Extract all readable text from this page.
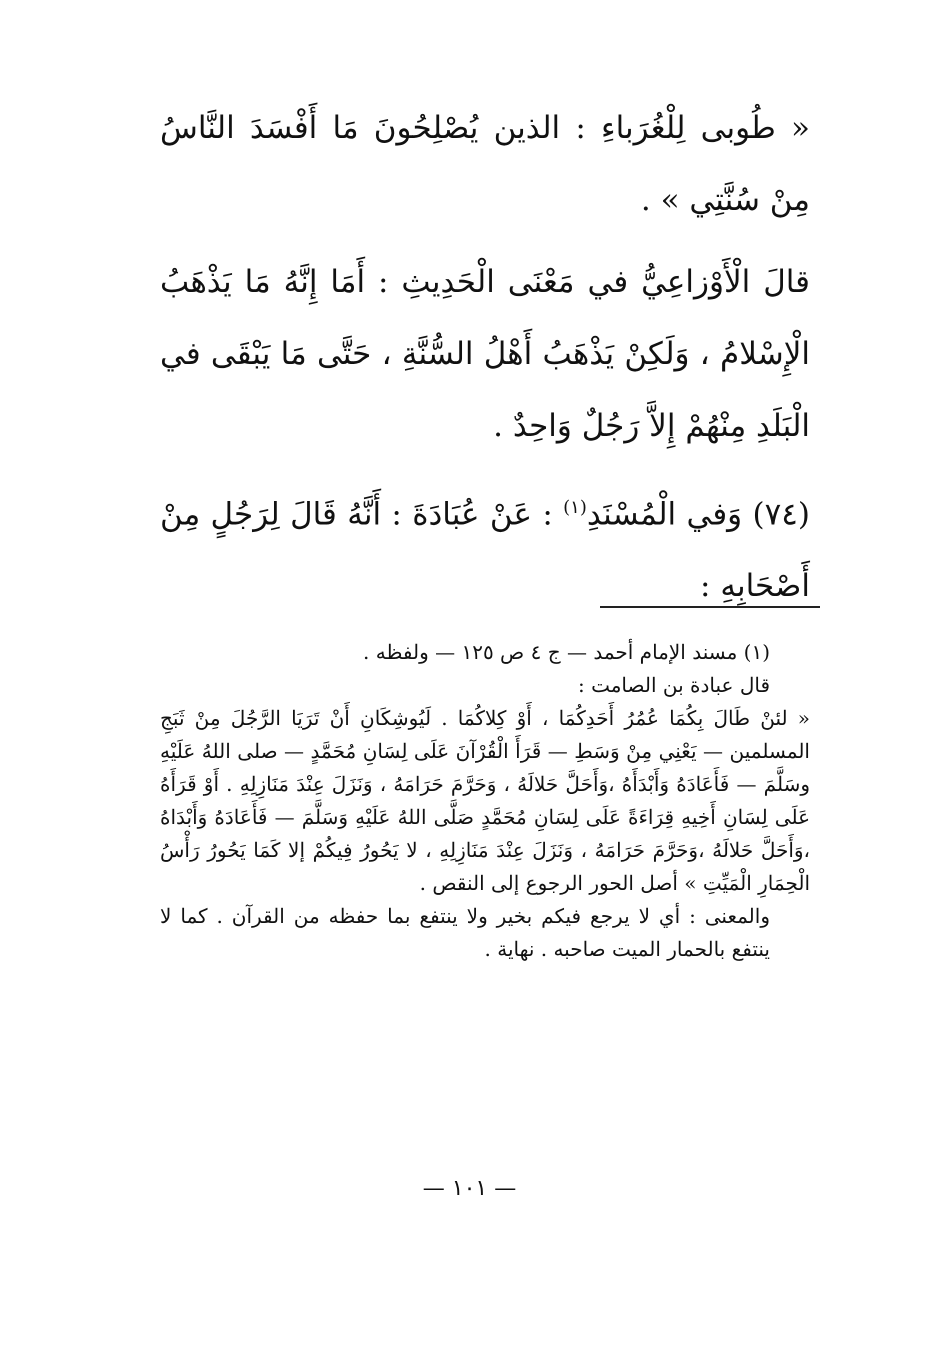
« طُوبى لِلْغُرَباءِ : الذين يُصْلِحُونَ مَا أَفْسَدَ النَّاسُ مِنْ سُنَّتِي » .

قالَ الْأَوْزاعِيُّ في مَعْنَى الْحَدِيثِ : أَمَا إِنَّهُ مَا يَذْهَبُ الْإِسْلامُ ، وَلَكِنْ يَذْهَبُ أَهْلُ السُّنَّةِ ، حَتَّى مَا يَبْقَى في الْبَلَدِ مِنْهُمْ إِلاَّ رَجُلٌ وَاحِدٌ .

(٧٤) وَفي الْمُسْنَدِ$^{(١)}$ : عَنْ عُبَادَةَ : أَنَّهُ قَالَ لِرَجُلٍ مِنْ أَصْحَابِهِ :

(١) مسند الإمام أحمد — ج ٤ ص ١٢٥ — ولفظه .

قال عبادة بن الصامت :

« لئنْ طَالَ بِكُمَا عُمُرُ أَحَدِكُمَا ، أَوْ كِلاكُمَا . لَيُوشِكَانِ أَنْ تَرَيَا الرَّجُلَ مِنْ ثَبَجِ المسلمين — يَعْنِي مِنْ وَسَطِ — قَرَأَ الْقُرْآنَ عَلَى لِسَانِ مُحَمَّدٍ — صلى اللهُ عَلَيْهِ وسَلَّمَ — فَأَعَادَهُ وَأَبْدَأَهُ ،وَأَحَلَّ حَلالَهُ ، وَحَرَّمَ حَرَامَهُ ، وَنَزَلَ عِنْدَ مَنَازِلِهِ . أَوْ قَرَأَهُ عَلَى لِسَانِ أَخِيهِ قِرَاءَةً عَلَى لِسَانِ مُحَمَّدٍ صَلَّى اللهُ عَلَيْهِ وَسَلَّمَ — فَأَعَادَهُ وَأَبْدَاهُ ،وَأَحَلَّ حَلالَهُ ،وَحَرَّمَ حَرَامَهُ ، وَنَزَلَ عِنْدَ مَنَازِلِهِ ، لا يَحُورُ فِيكُمْ إلا كَمَا يَحُورُ رَأْسُ الْحِمَارِ الْمَيِّتِ » أصل الحور الرجوع إلى النقص .

والمعنى : أي لا يرجع فيكم بخير ولا ينتفع بما حفظه من القرآن . كما لا ينتفع بالحمار الميت صاحبه . نهاية .

— ١٠١ —
